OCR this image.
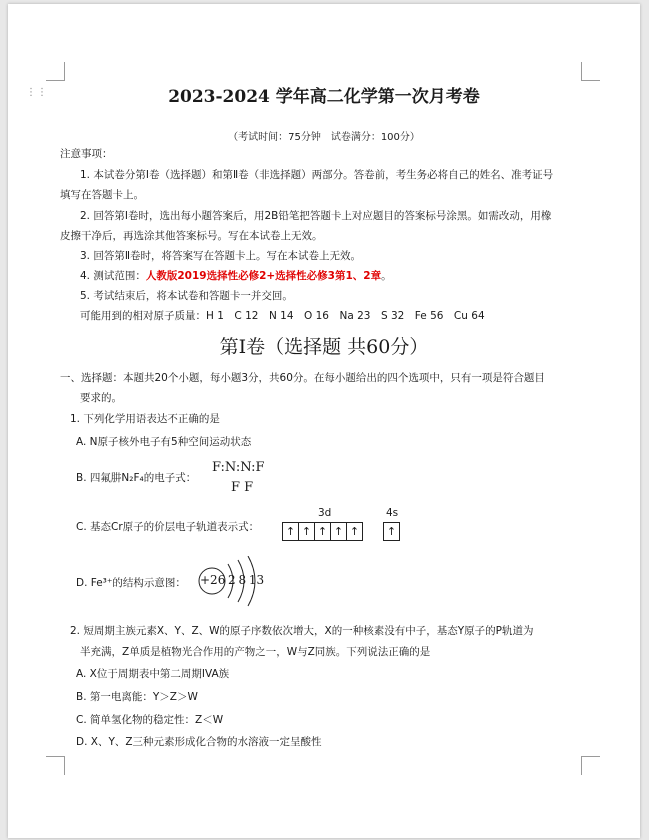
⋮⋮	2023-2024 学年高二化学第一次月考卷
（考试时间：75分钟　试卷满分：100分）
注意事项：
1. 本试卷分第Ⅰ卷（选择题）和第Ⅱ卷（非选择题）两部分。答卷前，考生务必将自己的姓名、准考证号
填写在答题卡上。
2. 回答第Ⅰ卷时，选出每小题答案后，用2B铅笔把答题卡上对应题目的答案标号涂黑。如需改动，用橡
皮擦干净后，再选涂其他答案标号。写在本试卷上无效。
3. 回答第Ⅱ卷时，将答案写在答题卡上。写在本试卷上无效。
4. 测试范围：人教版2019选择性必修2+选择性必修3第1、2章。
5. 考试结束后，将本试卷和答题卡一并交回。
可能用到的相对原子质量：H 1　C 12　N 14　O 16　Na 23　S 32　Fe 56　Cu 64
第Ⅰ卷（选择题 共60分）
一、选择题：本题共20个小题，每小题3分，共60分。在每小题给出的四个选项中，只有一项是符合题目
要求的。
1. 下列化学用语表达不正确的是
A. N原子核外电子有5种空间运动状态
B. 四氟肼N₂F₄的电子式：
F:N:N:F
F F
C. 基态Cr原子的价层电子轨道表示式：
3d	4s
↑ ↑ ↑ ↑ ↑	↑
D. Fe³⁺的结构示意图： +26 2 8 13
2. 短周期主族元素X、Y、Z、W的原子序数依次增大，X的一种核素没有中子，基态Y原子的P轨道为
半充满，Z单质是植物光合作用的产物之一，W与Z同族。下列说法正确的是
A. X位于周期表中第二周期IVA族
B. 第一电离能：Y＞Z＞W
C. 简单氢化物的稳定性：Z＜W
D. X、Y、Z三种元素形成化合物的水溶液一定呈酸性
